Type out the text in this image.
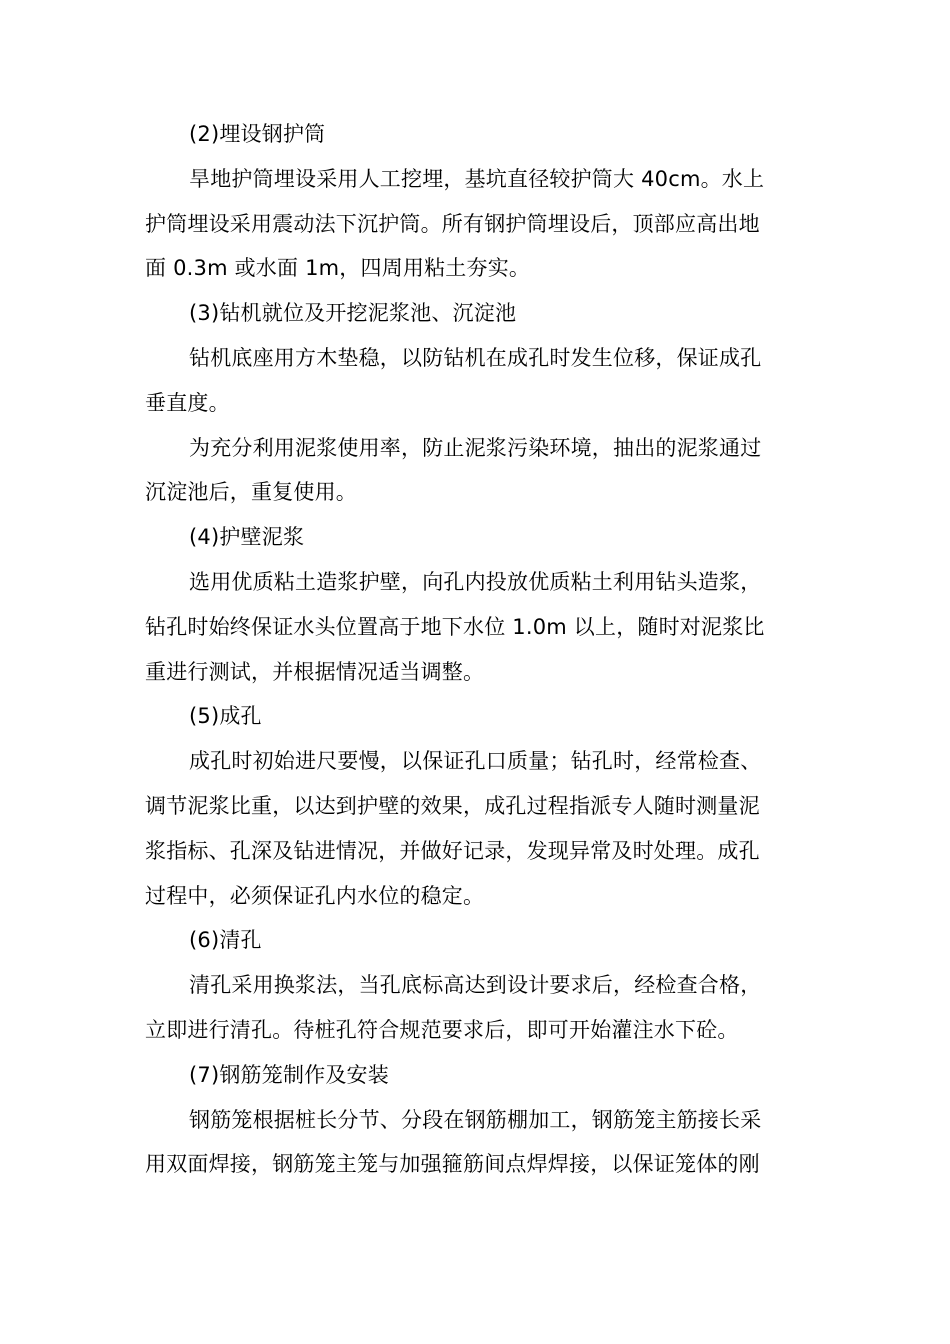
(2)埋设钢护筒
旱地护筒埋设采用人工挖埋，基坑直径较护筒大 40cm。水上
护筒埋设采用震动法下沉护筒。所有钢护筒埋设后，顶部应高出地
面 0.3m 或水面 1m，四周用粘土夯实。
(3)钻机就位及开挖泥浆池、沉淀池
钻机底座用方木垫稳，以防钻机在成孔时发生位移，保证成孔
垂直度。
为充分利用泥浆使用率，防止泥浆污染环境，抽出的泥浆通过
沉淀池后，重复使用。
(4)护壁泥浆
选用优质粘土造浆护壁，向孔内投放优质粘土利用钻头造浆，
钻孔时始终保证水头位置高于地下水位 1.0m 以上，随时对泥浆比
重进行测试，并根据情况适当调整。
(5)成孔
成孔时初始进尺要慢，以保证孔口质量；钻孔时，经常检查、
调节泥浆比重，以达到护壁的效果，成孔过程指派专人随时测量泥
浆指标、孔深及钻进情况，并做好记录，发现异常及时处理。成孔
过程中，必须保证孔内水位的稳定。
(6)清孔
清孔采用换浆法，当孔底标高达到设计要求后，经检查合格，
立即进行清孔。待桩孔符合规范要求后，即可开始灌注水下砼。
(7)钢筋笼制作及安装
钢筋笼根据桩长分节、分段在钢筋棚加工，钢筋笼主筋接长采
用双面焊接，钢筋笼主笼与加强箍筋间点焊焊接，以保证笼体的刚
